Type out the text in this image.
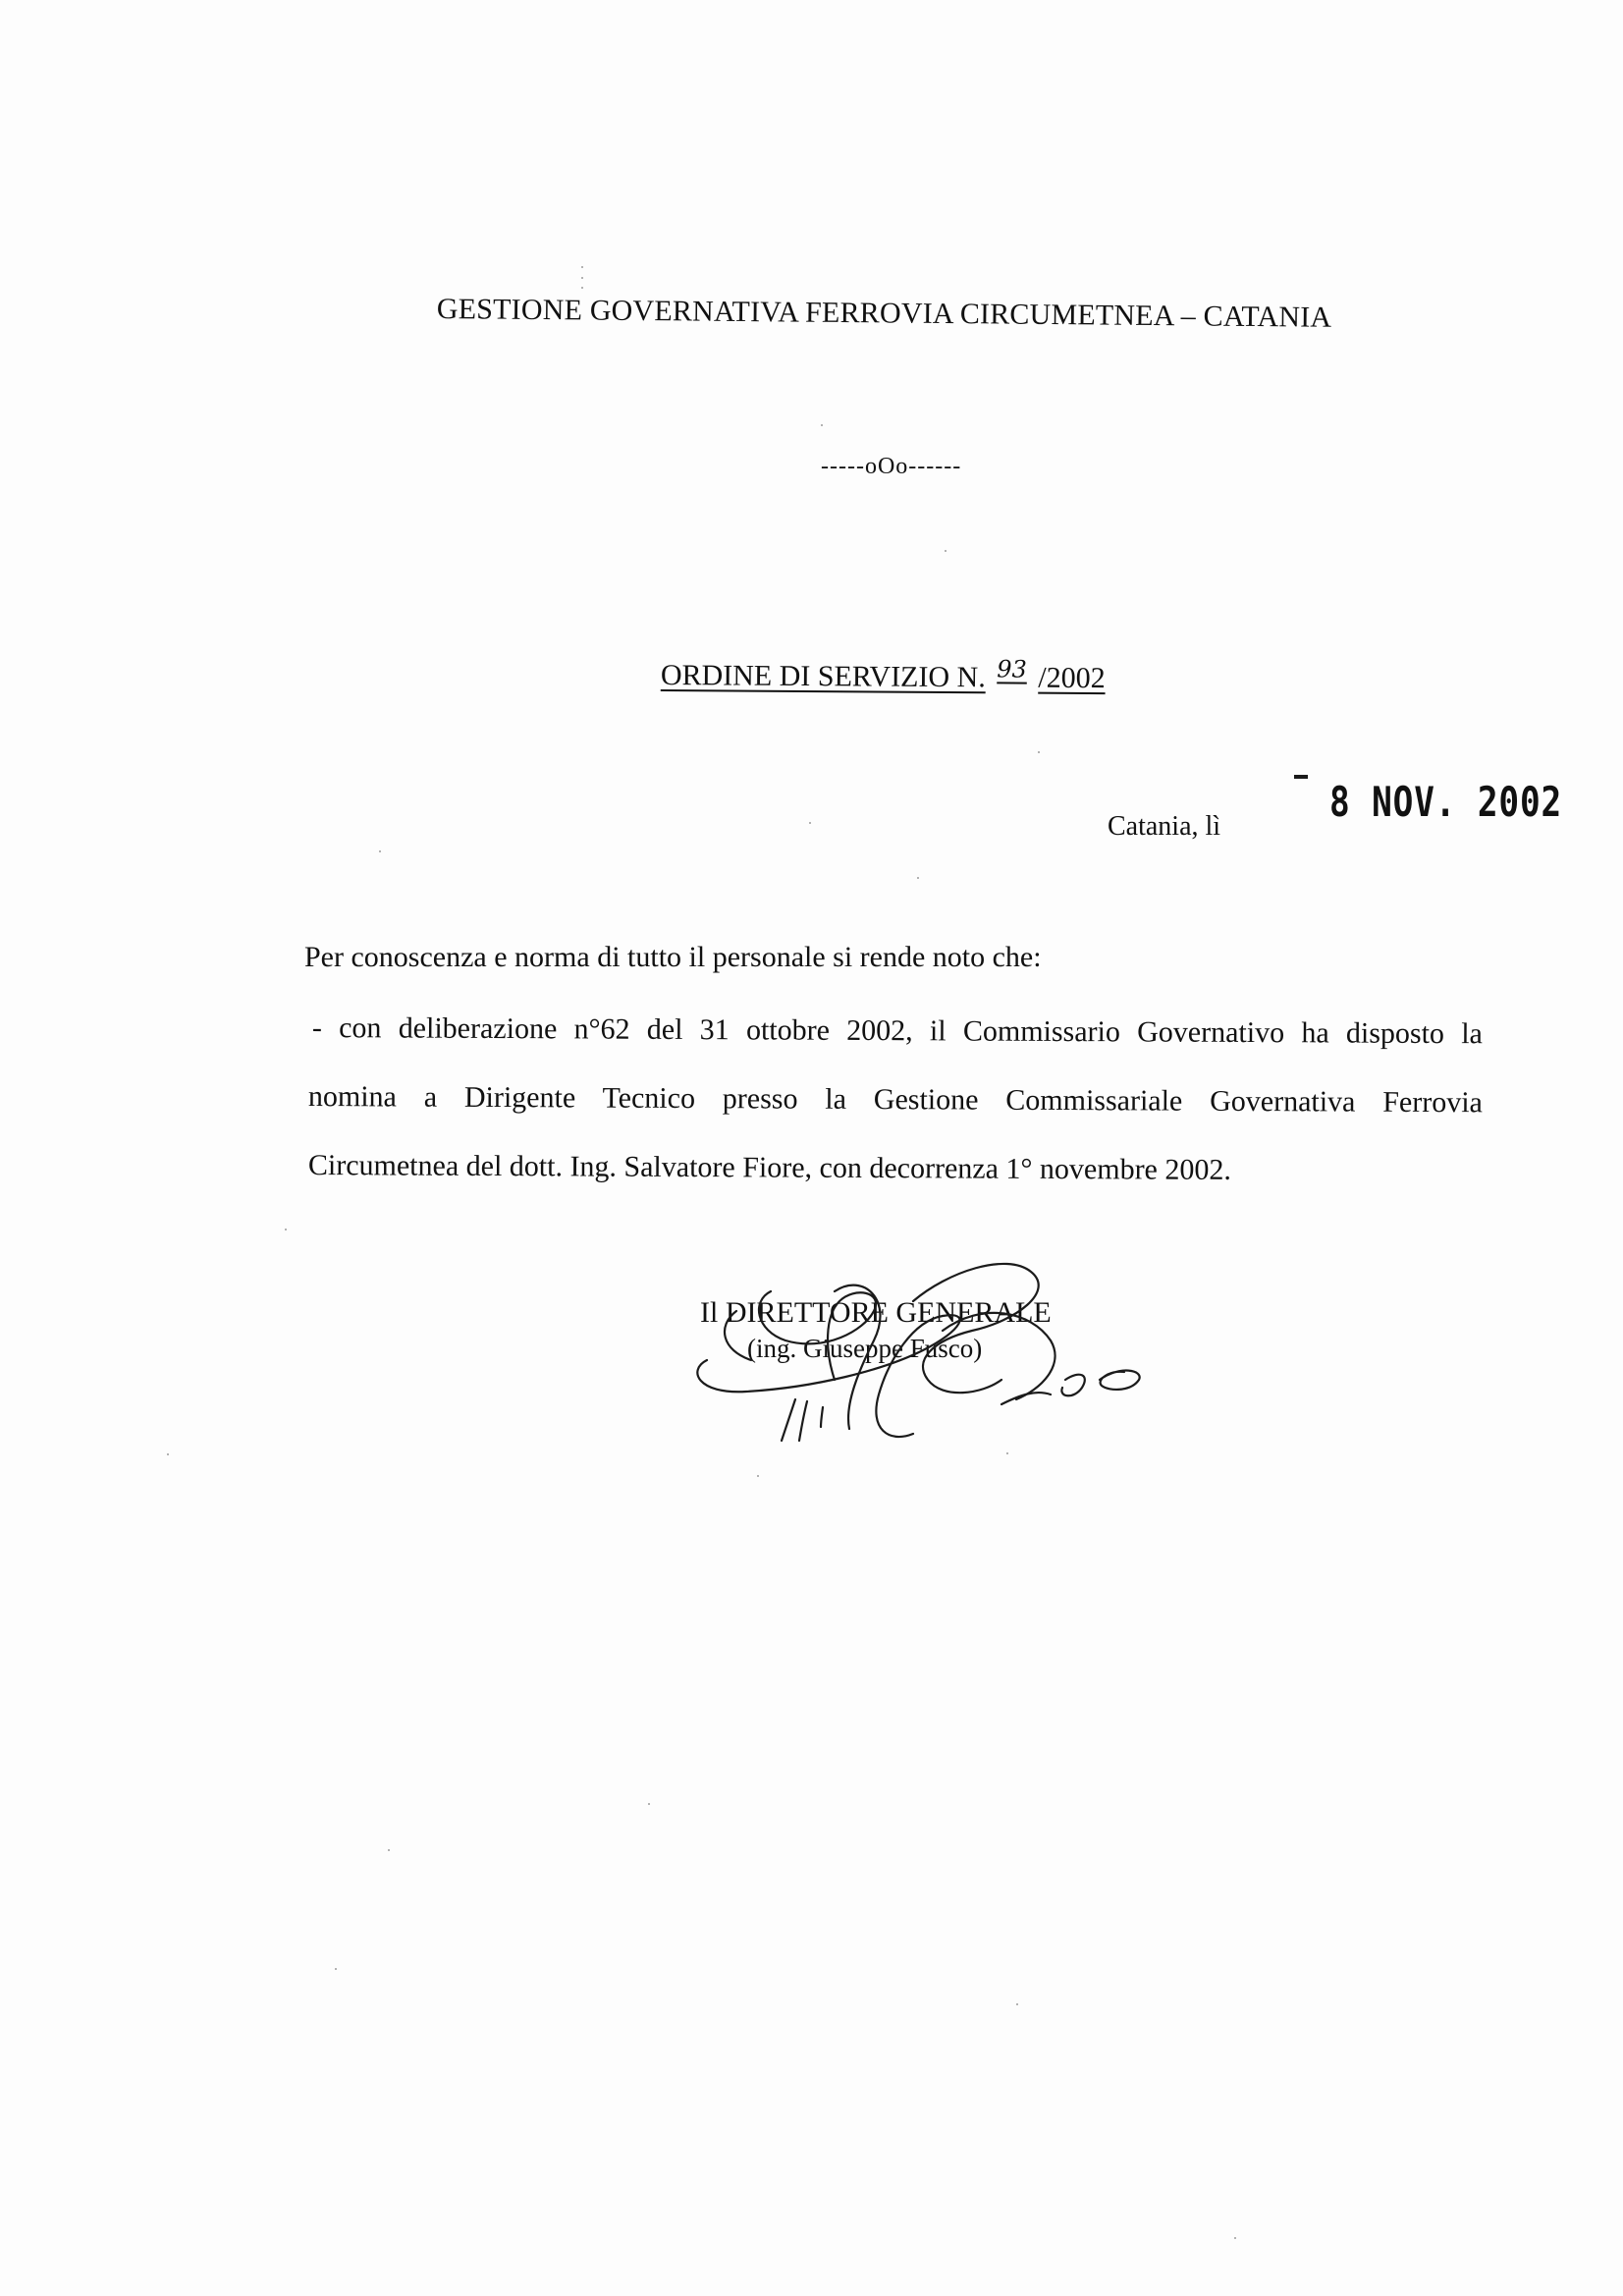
GESTIONE GOVERNATIVA FERROVIA CIRCUMETNEA – CATANIA
-----oOo------
ORDINE DI SERVIZIO N. 93 /2002
Catania, lì
8 NOV. 2002
Per conoscenza e norma di tutto il personale si rende noto che:
- con deliberazione n°62 del 31 ottobre 2002, il Commissario Governativo ha disposto la
nomina a Dirigente Tecnico presso la Gestione Commissariale Governativa Ferrovia
Circumetnea del dott. Ing. Salvatore Fiore, con decorrenza 1° novembre 2002.
Il DIRETTORE GENERALE
(ing. Giuseppe Fusco)
